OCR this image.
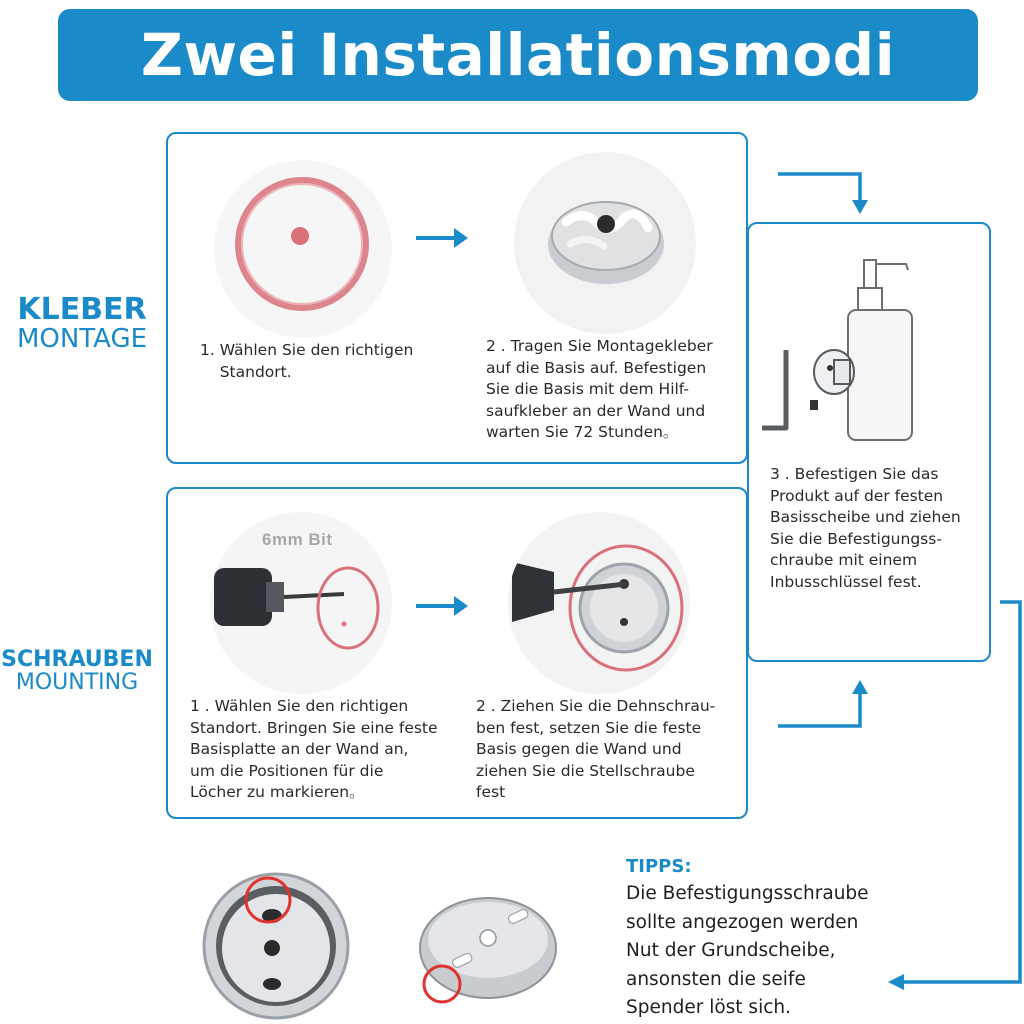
Zwei Installationsmodi
KLEBER
MONTAGE
SCHRAUBEN
MOUNTING
1. Wählen Sie den richtigen
Standort.
2 . Tragen Sie Montagekleber
auf die Basis auf. Befestigen
Sie die Basis mit dem Hilf-
saufkleber an der Wand und
warten Sie 72 Stunden。
6mm Bit
1 . Wählen Sie den richtigen
Standort. Bringen Sie eine feste
Basisplatte an der Wand an,
um die Positionen für die
Löcher zu markieren。
2 . Ziehen Sie die Dehnschrau-
ben fest, setzen Sie die feste
Basis gegen die Wand und
ziehen Sie die Stellschraube
fest
3 . Befestigen Sie das
Produkt auf der festen
Basisscheibe und ziehen
Sie die Befestigungss-
chraube mit einem
Inbusschlüssel fest.
TIPPS:
Die Befestigungsschraube
sollte angezogen werden
Nut der Grundscheibe,
ansonsten die seife
Spender löst sich.
